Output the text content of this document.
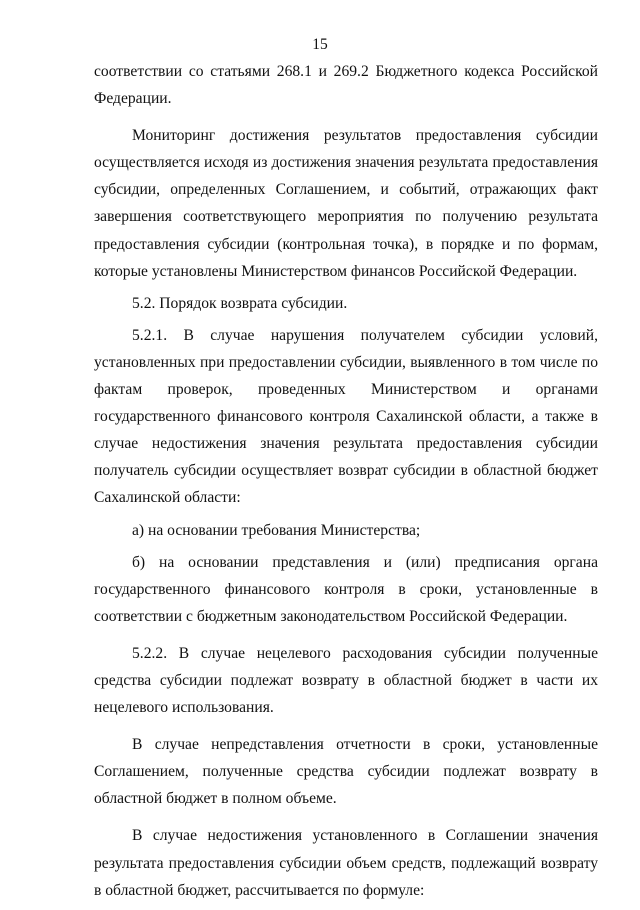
15

соответствии со статьями 268.1 и 269.2 Бюджетного кодекса Российской Федерации.

Мониторинг достижения результатов предоставления субсидии осуществляется исходя из достижения значения результата предоставления субсидии, определенных Соглашением, и событий, отражающих факт завершения соответствующего мероприятия по получению результата предоставления субсидии (контрольная точка), в порядке и по формам, которые установлены Министерством финансов Российской Федерации.

5.2. Порядок возврата субсидии.

5.2.1. В случае нарушения получателем субсидии условий, установленных при предоставлении субсидии, выявленного в том числе по фактам проверок, проведенных Министерством и органами государственного финансового контроля Сахалинской области, а также в случае недостижения значения результата предоставления субсидии получатель субсидии осуществляет возврат субсидии в областной бюджет Сахалинской области:

а) на основании требования Министерства;

б) на основании представления и (или) предписания органа государственного финансового контроля в сроки, установленные в соответствии с бюджетным законодательством Российской Федерации.

5.2.2. В случае нецелевого расходования субсидии полученные средства субсидии подлежат возврату в областной бюджет в части их нецелевого использования.

В случае непредставления отчетности в сроки, установленные Соглашением, полученные средства субсидии подлежат возврату в областной бюджет в полном объеме.

В случае недостижения установленного в Соглашении значения результата предоставления субсидии объем средств, подлежащий возврату в областной бюджет, рассчитывается по формуле:
